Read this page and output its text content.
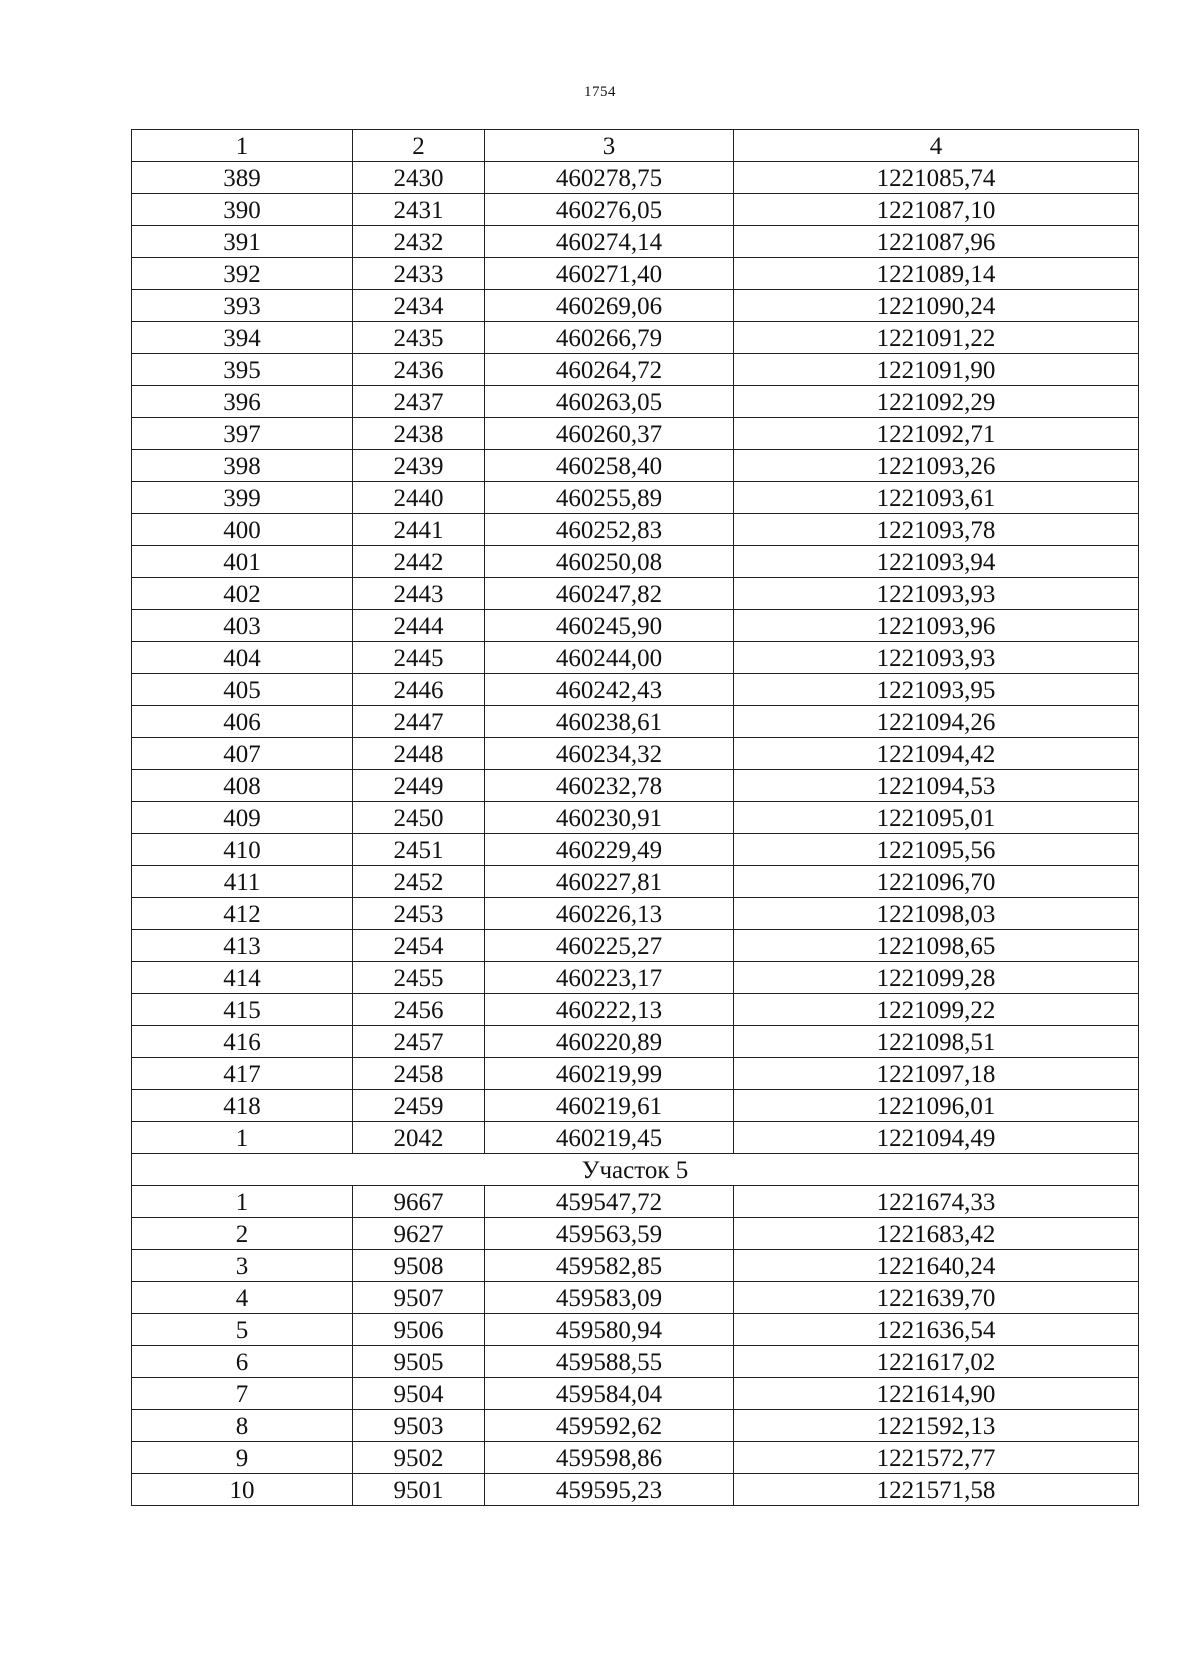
1754
1	2	3	4
389	2430	460278,75	1221085,74
390	2431	460276,05	1221087,10
391	2432	460274,14	1221087,96
392	2433	460271,40	1221089,14
393	2434	460269,06	1221090,24
394	2435	460266,79	1221091,22
395	2436	460264,72	1221091,90
396	2437	460263,05	1221092,29
397	2438	460260,37	1221092,71
398	2439	460258,40	1221093,26
399	2440	460255,89	1221093,61
400	2441	460252,83	1221093,78
401	2442	460250,08	1221093,94
402	2443	460247,82	1221093,93
403	2444	460245,90	1221093,96
404	2445	460244,00	1221093,93
405	2446	460242,43	1221093,95
406	2447	460238,61	1221094,26
407	2448	460234,32	1221094,42
408	2449	460232,78	1221094,53
409	2450	460230,91	1221095,01
410	2451	460229,49	1221095,56
411	2452	460227,81	1221096,70
412	2453	460226,13	1221098,03
413	2454	460225,27	1221098,65
414	2455	460223,17	1221099,28
415	2456	460222,13	1221099,22
416	2457	460220,89	1221098,51
417	2458	460219,99	1221097,18
418	2459	460219,61	1221096,01
1	2042	460219,45	1221094,49
Участок 5			
1	9667	459547,72	1221674,33
2	9627	459563,59	1221683,42
3	9508	459582,85	1221640,24
4	9507	459583,09	1221639,70
5	9506	459580,94	1221636,54
6	9505	459588,55	1221617,02
7	9504	459584,04	1221614,90
8	9503	459592,62	1221592,13
9	9502	459598,86	1221572,77
10	9501	459595,23	1221571,58
